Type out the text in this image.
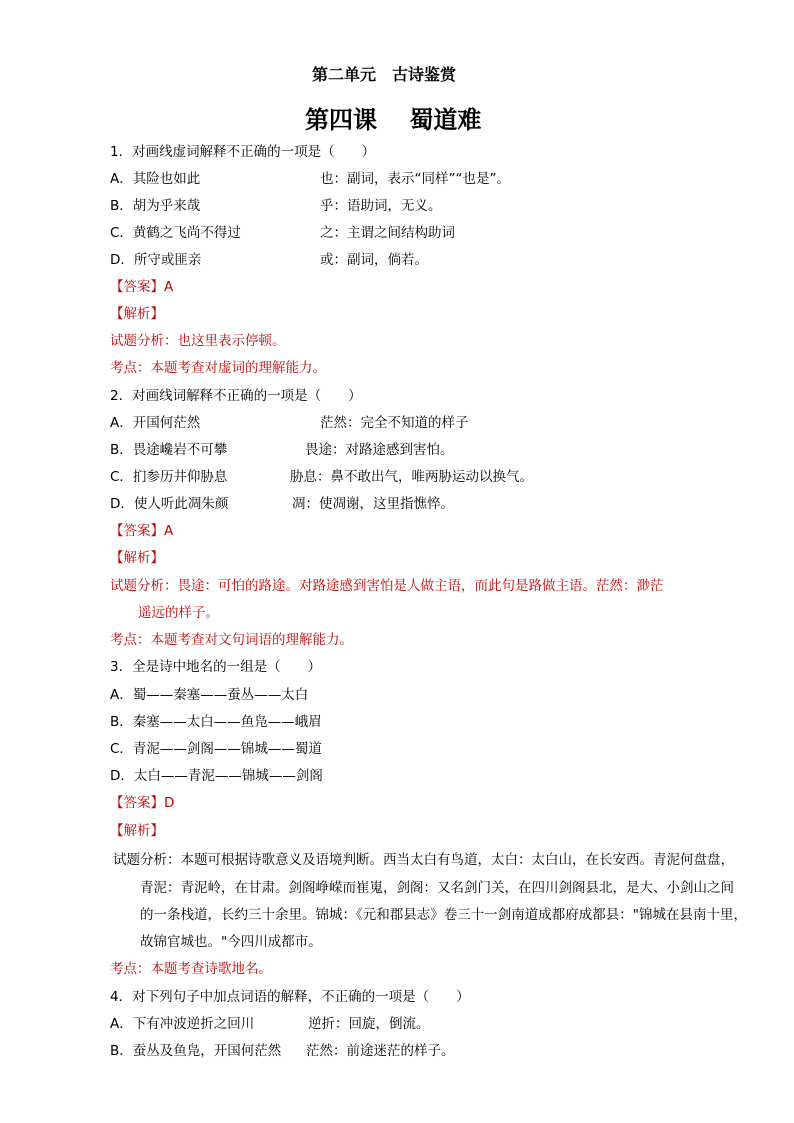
第二单元　古诗鉴赏
第四课　 蜀道难
1．对画线虚词解释不正确的一项是（　　）
A．其险也如此	也：副词，表示“同样”“也是”。
B．胡为乎来哉	乎：语助词，无义。
C．黄鹤之飞尚不得过	之：主谓之间结构助词
D．所守或匪亲	或：副词，倘若。
【答案】A
【解析】
试题分析：也这里表示停顿。
考点：本题考查对虚词的理解能力。
2．对画线词解释不正确的一项是（　　）
A．开国何茫然	茫然：完全不知道的样子
B．畏途巉岩不可攀	畏途：对路途感到害怕。
C．扪参历井仰胁息	胁息：鼻不敢出气，唯两胁运动以换气。
D．使人听此凋朱颜	凋：使凋谢，这里指憔悴。
【答案】A
【解析】
试题分析：畏途：可怕的路途。对路途感到害怕是人做主语，而此句是路做主语。茫然：渺茫
遥远的样子。
考点：本题考查对文句词语的理解能力。
3．全是诗中地名的一组是（　　）
A．蜀——秦塞——蚕丛——太白
B．秦塞——太白——鱼凫——峨眉
C．青泥——剑阁——锦城——蜀道
D．太白——青泥——锦城——剑阁
【答案】D
【解析】
试题分析：本题可根据诗歌意义及语境判断。西当太白有鸟道，太白：太白山，在长安西。青泥何盘盘，
青泥：青泥岭，在甘肃。剑阁峥嵘而崔嵬，剑阁：又名剑门关，在四川剑阁县北，是大、小剑山之间
的一条栈道，长约三十余里。锦城：《元和郡县志》卷三十一剑南道成都府成都县："锦城在县南十里，
故锦官城也。"今四川成都市。
考点：本题考查诗歌地名。
4．对下列句子中加点词语的解释，不正确的一项是（　　）
A．下有冲波逆折之回川	逆折：回旋，倒流。
B．蚕丛及鱼凫，开国何茫然 茫然：前途迷茫的样子。
